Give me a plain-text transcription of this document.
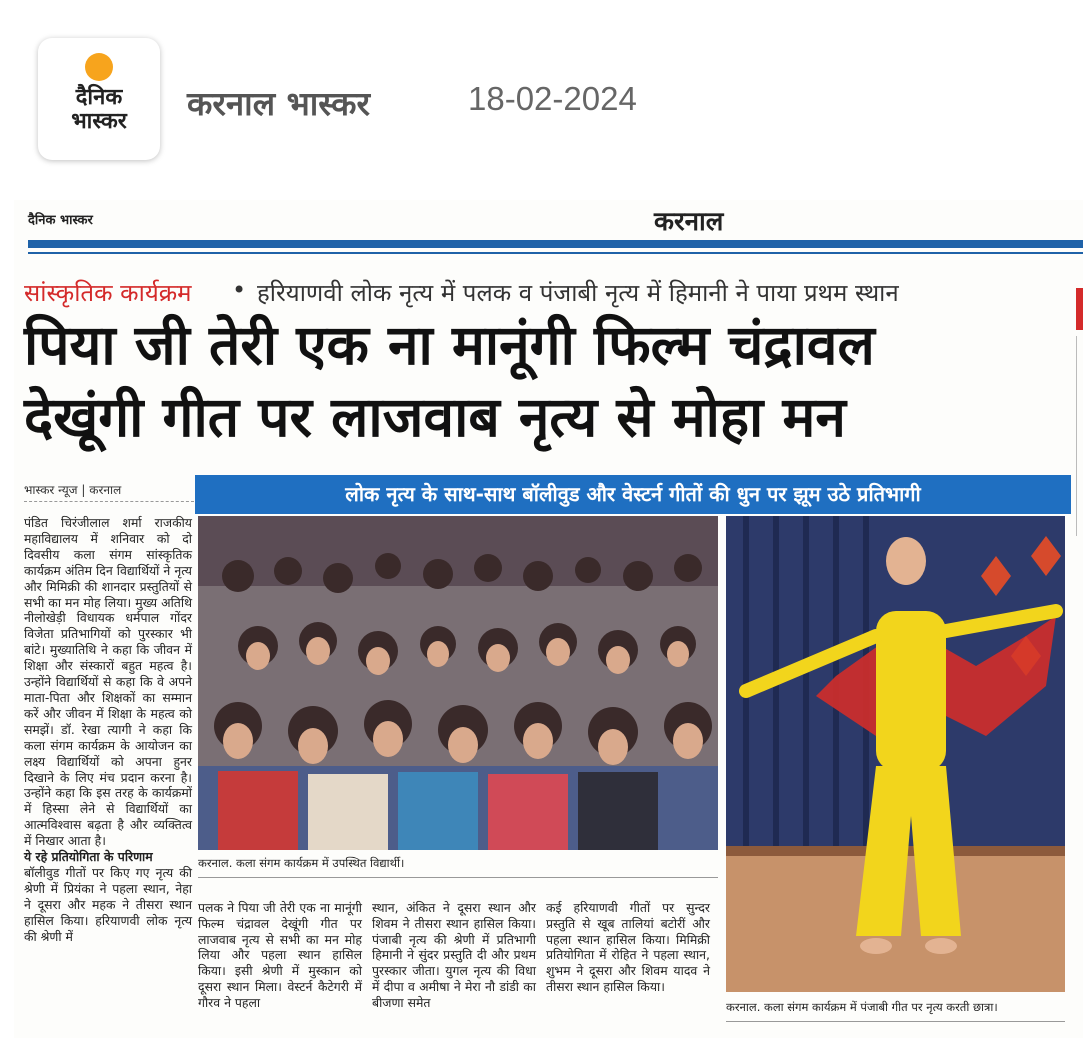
दैनिक
भास्कर	करनाल भास्कर	18-02-2024
दैनिक भास्कर	करनाल
सांस्कृतिक कार्यक्रम • हरियाणवी लोक नृत्य में पलक व पंजाबी नृत्य में हिमानी ने पाया प्रथम स्थान
पिया जी तेरी एक ना मानूंगी फिल्म चंद्रावल
देखूंगी गीत पर लाजवाब नृत्य से मोहा मन
भास्कर न्यूज | करनाल	लोक नृत्य के साथ-साथ बॉलीवुड और वेस्टर्न गीतों की धुन पर झूम उठे प्रतिभागी
पंडित चिरंजीलाल शर्मा राजकीय महाविद्यालय में शनिवार को दो दिवसीय कला संगम सांस्कृतिक कार्यक्रम अंतिम दिन विद्यार्थियों ने नृत्य और मिमिक्री की शानदार प्रस्तुतियों से सभी का मन मोह लिया। मुख्य अतिथि नीलोखेड़ी विधायक धर्मपाल गोंदर विजेता प्रतिभागियों को पुरस्कार भी बांटे। मुख्यातिथि ने कहा कि जीवन में शिक्षा और संस्कारों बहुत महत्व है। उन्होंने विद्यार्थियों से कहा कि वे अपने माता-पिता और शिक्षकों का सम्मान करें और जीवन में शिक्षा के महत्व को समझें। डॉ. रेखा त्यागी ने कहा कि कला संगम कार्यक्रम के आयोजन का लक्ष्य विद्यार्थियों को अपना हुनर दिखाने के लिए मंच प्रदान करना है। उन्होंने कहा कि इस तरह के कार्यक्रमों में हिस्सा लेने से विद्यार्थियों का आत्मविश्वास बढ़ता है और व्यक्तित्व में निखार आता है।
ये रहे प्रतियोगिता के परिणाम
बॉलीवुड गीतों पर किए गए नृत्य की श्रेणी में प्रियंका ने पहला स्थान, नेहा ने दूसरा और महक ने तीसरा स्थान हासिल किया। हरियाणवी लोक नृत्य की श्रेणी में
करनाल. कला संगम कार्यक्रम में उपस्थित विद्यार्थी।
करनाल. कला संगम कार्यक्रम में पंजाबी गीत पर नृत्य करती छात्रा।
पलक ने पिया जी तेरी एक ना मानूंगी फिल्म चंद्रावल देखूंगी गीत पर लाजवाब नृत्य से सभी का मन मोह लिया और पहला स्थान हासिल किया। इसी श्रेणी में मुस्कान को दूसरा स्थान मिला। वेस्टर्न कैटेगरी में गौरव ने पहला
स्थान, अंकित ने दूसरा स्थान और शिवम ने तीसरा स्थान हासिल किया। पंजाबी नृत्य की श्रेणी में प्रतिभागी हिमानी ने सुंदर प्रस्तुति दी और प्रथम पुरस्कार जीता। युगल नृत्य की विधा में दीपा व अमीषा ने मेरा नौ डांडी का बीजणा समेत
कई हरियाणवी गीतों पर सुन्दर प्रस्तुति से खूब तालियां बटोरीं और पहला स्थान हासिल किया। मिमिक्री प्रतियोगिता में रोहित ने पहला स्थान, शुभम ने दूसरा और शिवम यादव ने तीसरा स्थान हासिल किया।
